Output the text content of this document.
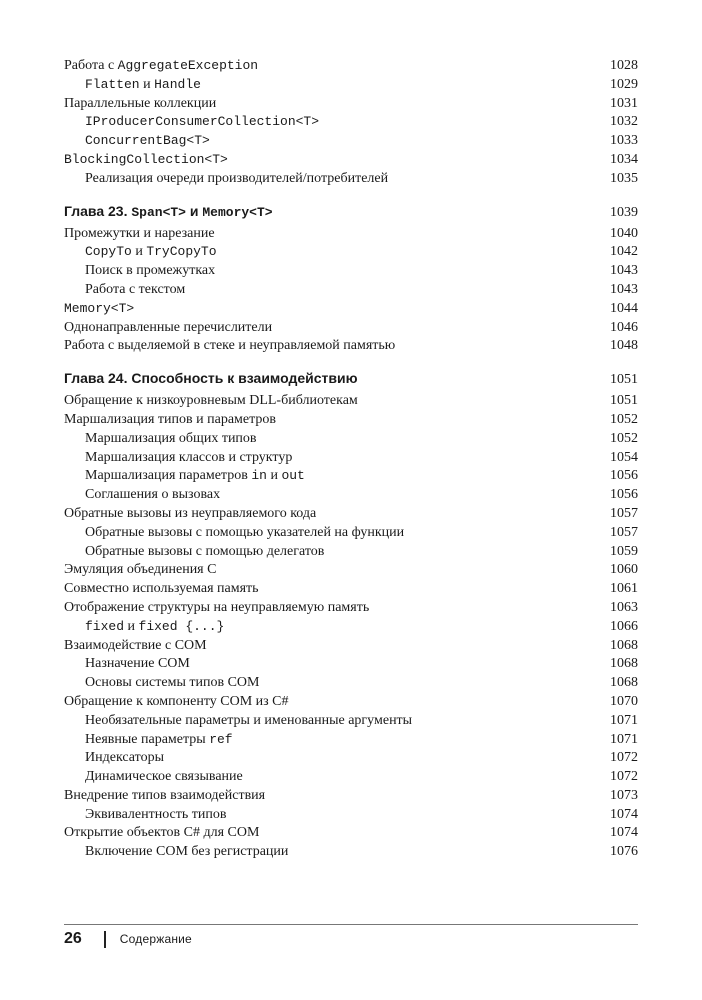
Работа с AggregateException	1028
Flatten и Handle	1029
Параллельные коллекции	1031
IProducerConsumerCollection<T>	1032
ConcurrentBag<T>	1033
BlockingCollection<T>	1034
Реализация очереди производителей/потребителей	1035
Глава 23. Span<T> и Memory<T>	1039
Промежутки и нарезание	1040
CopyTo и TryCopyTo	1042
Поиск в промежутках	1043
Работа с текстом	1043
Memory<T>	1044
Однонаправленные перечислители	1046
Работа с выделяемой в стеке и неуправляемой памятью	1048
Глава 24. Способность к взаимодействию	1051
Обращение к низкоуровневым DLL-библиотекам	1051
Маршализация типов и параметров	1052
Маршализация общих типов	1052
Маршализация классов и структур	1054
Маршализация параметров in и out	1056
Соглашения о вызовах	1056
Обратные вызовы из неуправляемого кода	1057
Обратные вызовы с помощью указателей на функции	1057
Обратные вызовы с помощью делегатов	1059
Эмуляция объединения C	1060
Совместно используемая память	1061
Отображение структуры на неуправляемую память	1063
fixed и fixed {...}	1066
Взаимодействие с COM	1068
Назначение COM	1068
Основы системы типов COM	1068
Обращение к компоненту COM из C#	1070
Необязательные параметры и именованные аргументы	1071
Неявные параметры ref	1071
Индексаторы	1072
Динамическое связывание	1072
Внедрение типов взаимодействия	1073
Эквивалентность типов	1074
Открытие объектов C# для COM	1074
Включение COM без регистрации	1076
26	Содержание
